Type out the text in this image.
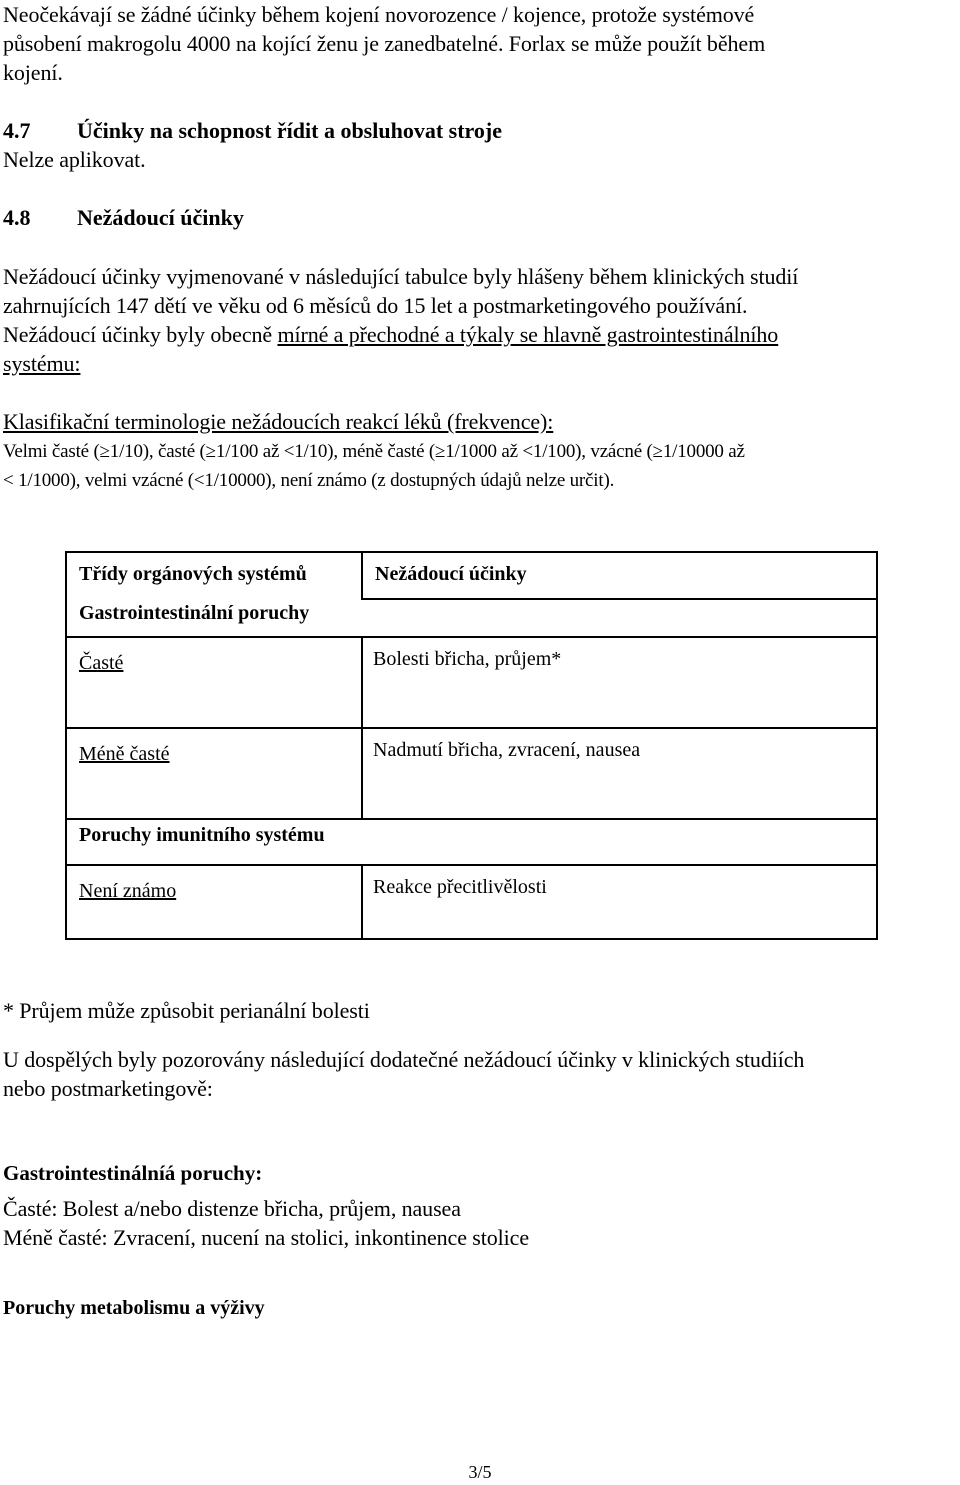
Neočekávají se žádné účinky během kojení novorozence / kojence, protože systémové
působení makrogolu 4000 na kojící ženu je zanedbatelné. Forlax se může použít během
kojení.
4.7 Účinky na schopnost řídit a obsluhovat stroje
Nelze aplikovat.
4.8 Nežádoucí účinky
Nežádoucí účinky vyjmenované v následující tabulce byly hlášeny během klinických studií
zahrnujících 147 dětí ve věku od 6 měsíců do 15 let a postmarketingového používání.
Nežádoucí účinky byly obecně mírné a přechodné a týkaly se hlavně gastrointestinálního
systému:
Klasifikační terminologie nežádoucích reakcí léků (frekvence):
Velmi časté (≥1/10), časté (≥1/100 až <1/10), méně časté (≥1/1000 až <1/100), vzácné (≥1/10000 až
< 1/1000), velmi vzácné (<1/10000), není známo (z dostupných údajů nelze určit).
Třídy orgánových systémů	Nežádoucí účinky

Gastrointestinální poruchy	

Časté	Bolesti břicha, průjem*

Méně časté	Nadmutí břicha, zvracení, nausea

Poruchy imunitního systému	

Není známo	Reakce přecitlivělosti
* Průjem může způsobit perianální bolesti
U dospělých byly pozorovány následující dodatečné nežádoucí účinky v klinických studiích
nebo postmarketingově:
Gastrointestinálníá poruchy:
Časté: Bolest a/nebo distenze břicha, průjem, nausea
Méně časté: Zvracení, nucení na stolici, inkontinence stolice
Poruchy metabolismu a výživy
3/5
